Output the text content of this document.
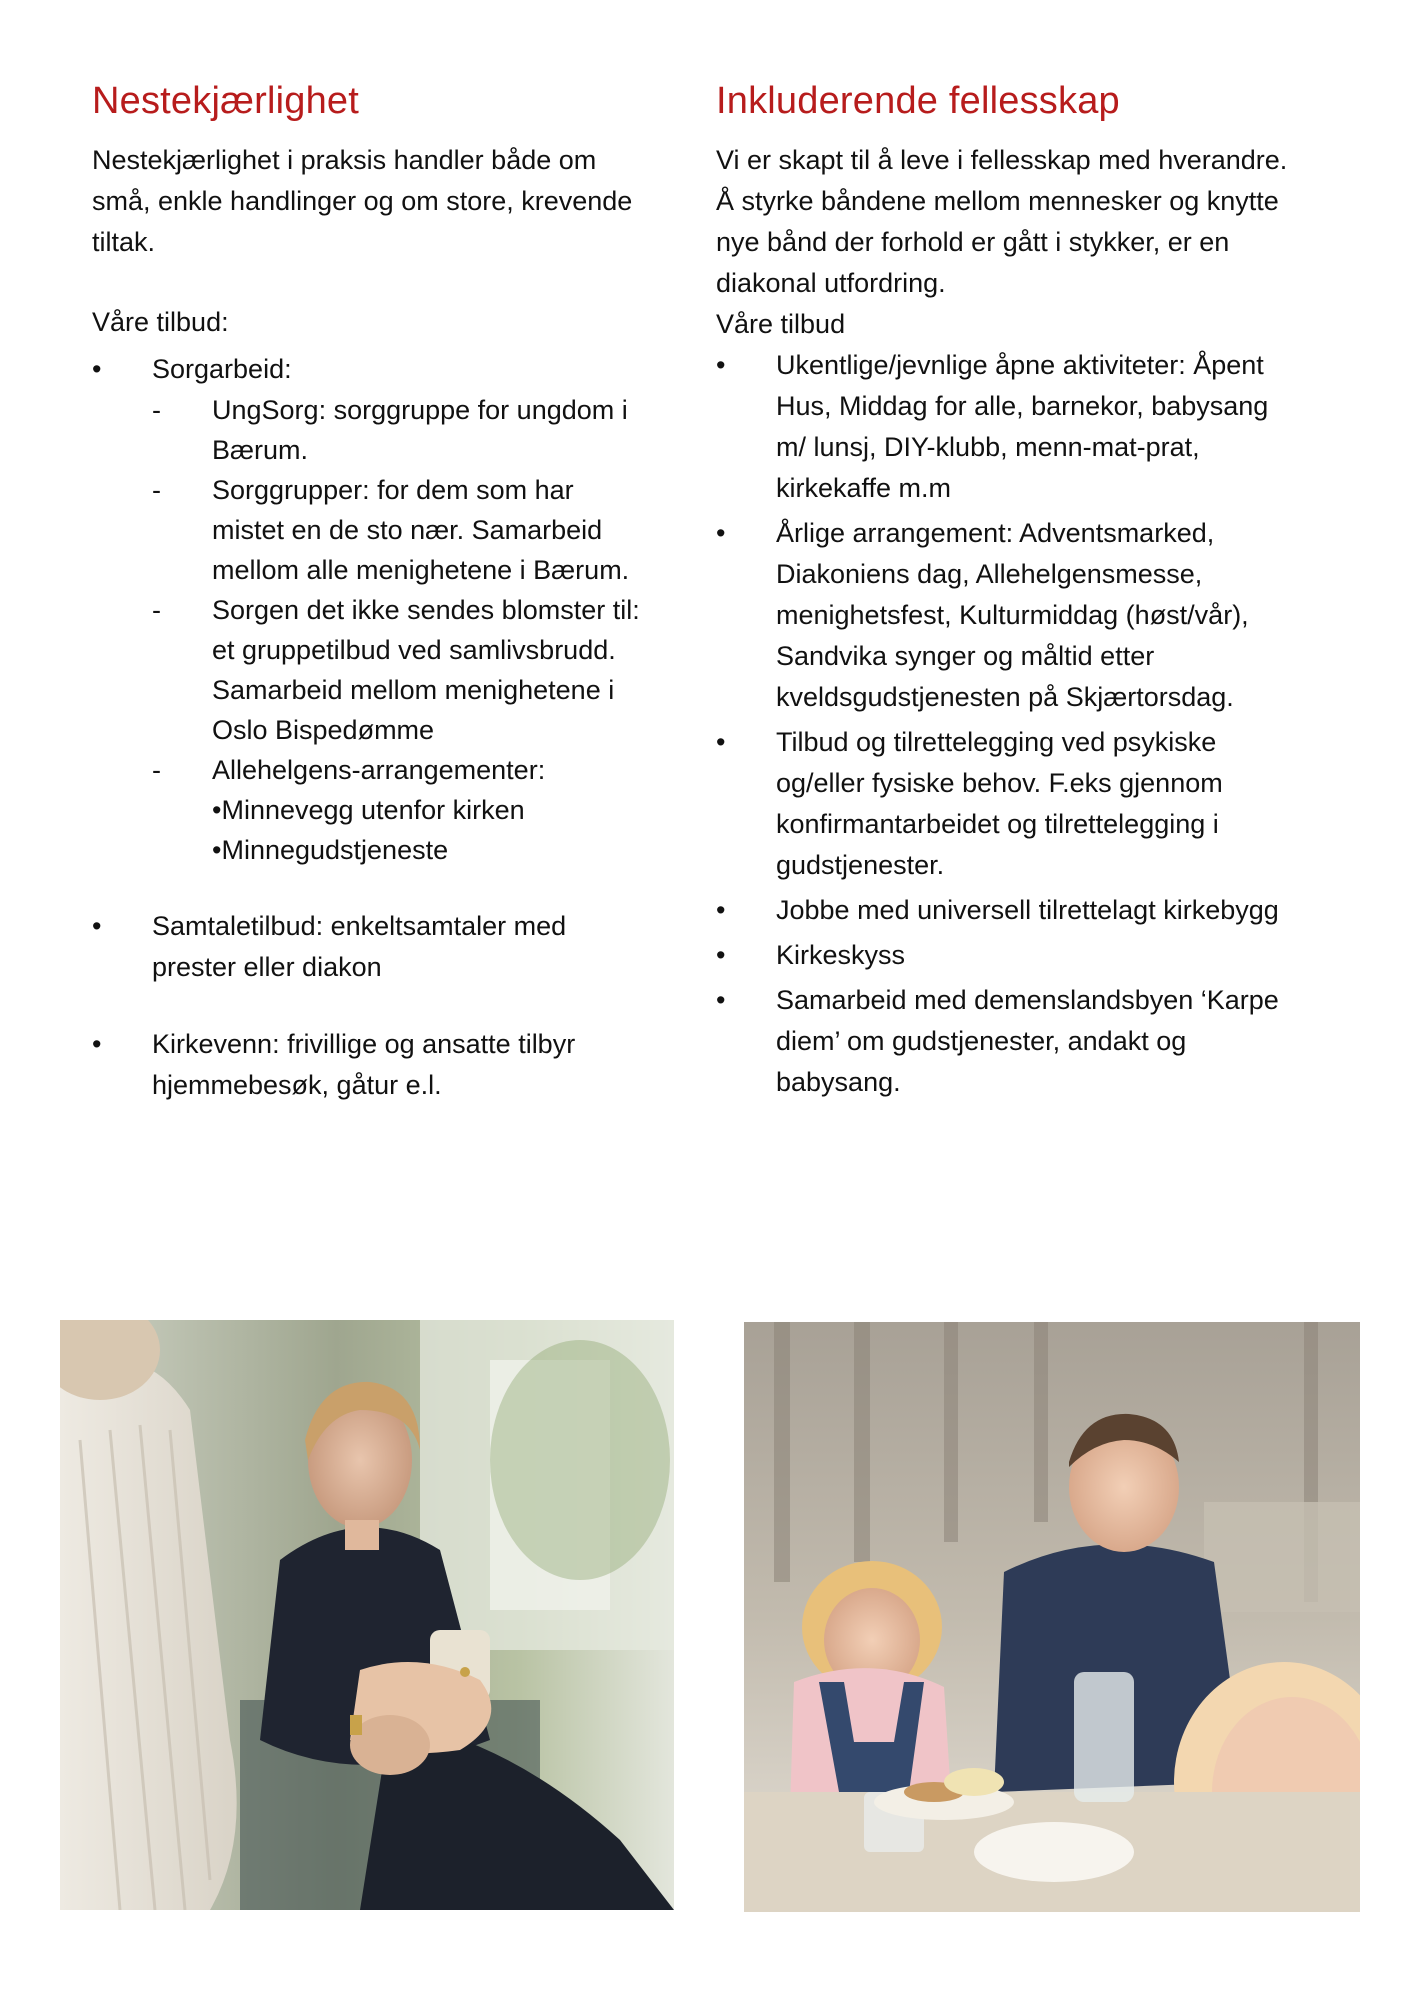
Nestekjærlighet

Nestekjærlighet i praksis handler både om små, enkle handlinger og om store, krevende tiltak.

Våre tilbud:

• Sorgarbeid:
- UngSorg: sorggruppe for ungdom i Bærum.
- Sorggrupper: for dem som har mistet en de sto nær. Samarbeid mellom alle menighetene i Bærum.
- Sorgen det ikke sendes blomster til: et gruppetilbud ved samlivsbrudd. Samarbeid mellom menighetene i Oslo Bispedømme
- Allehelgens-arrangementer:
•Minnevegg utenfor kirken
•Minnegudstjeneste
• Samtaletilbud: enkeltsamtaler med prester eller diakon
• Kirkevenn: frivillige og ansatte tilbyr hjemmebesøk, gåtur e.l.
Inkluderende fellesskap

Vi er skapt til å leve i fellesskap med hverandre. Å styrke båndene mellom mennesker og knytte nye bånd der forhold er gått i stykker, er en diakonal utfordring.

Våre tilbud

• Ukentlige/jevnlige åpne aktiviteter: Åpent Hus, Middag for alle, barnekor, babysang m/ lunsj, DIY-klubb, menn-mat-prat, kirkekaffe m.m
• Årlige arrangement: Adventsmarked, Diakoniens dag, Allehelgensmesse, menighetsfest, Kulturmiddag (høst/vår), Sandvika synger og måltid etter kveldsgudstjenesten på Skjærtorsdag.
• Tilbud og tilrettelegging ved psykiske og/eller fysiske behov. F.eks gjennom konfirmantarbeidet og tilrettelegging i gudstjenester.
• Jobbe med universell tilrettelagt kirkebygg
• Kirkeskyss
• Samarbeid med demenslandsbyen ‘Karpe diem’ om gudstjenester, andakt og babysang.
